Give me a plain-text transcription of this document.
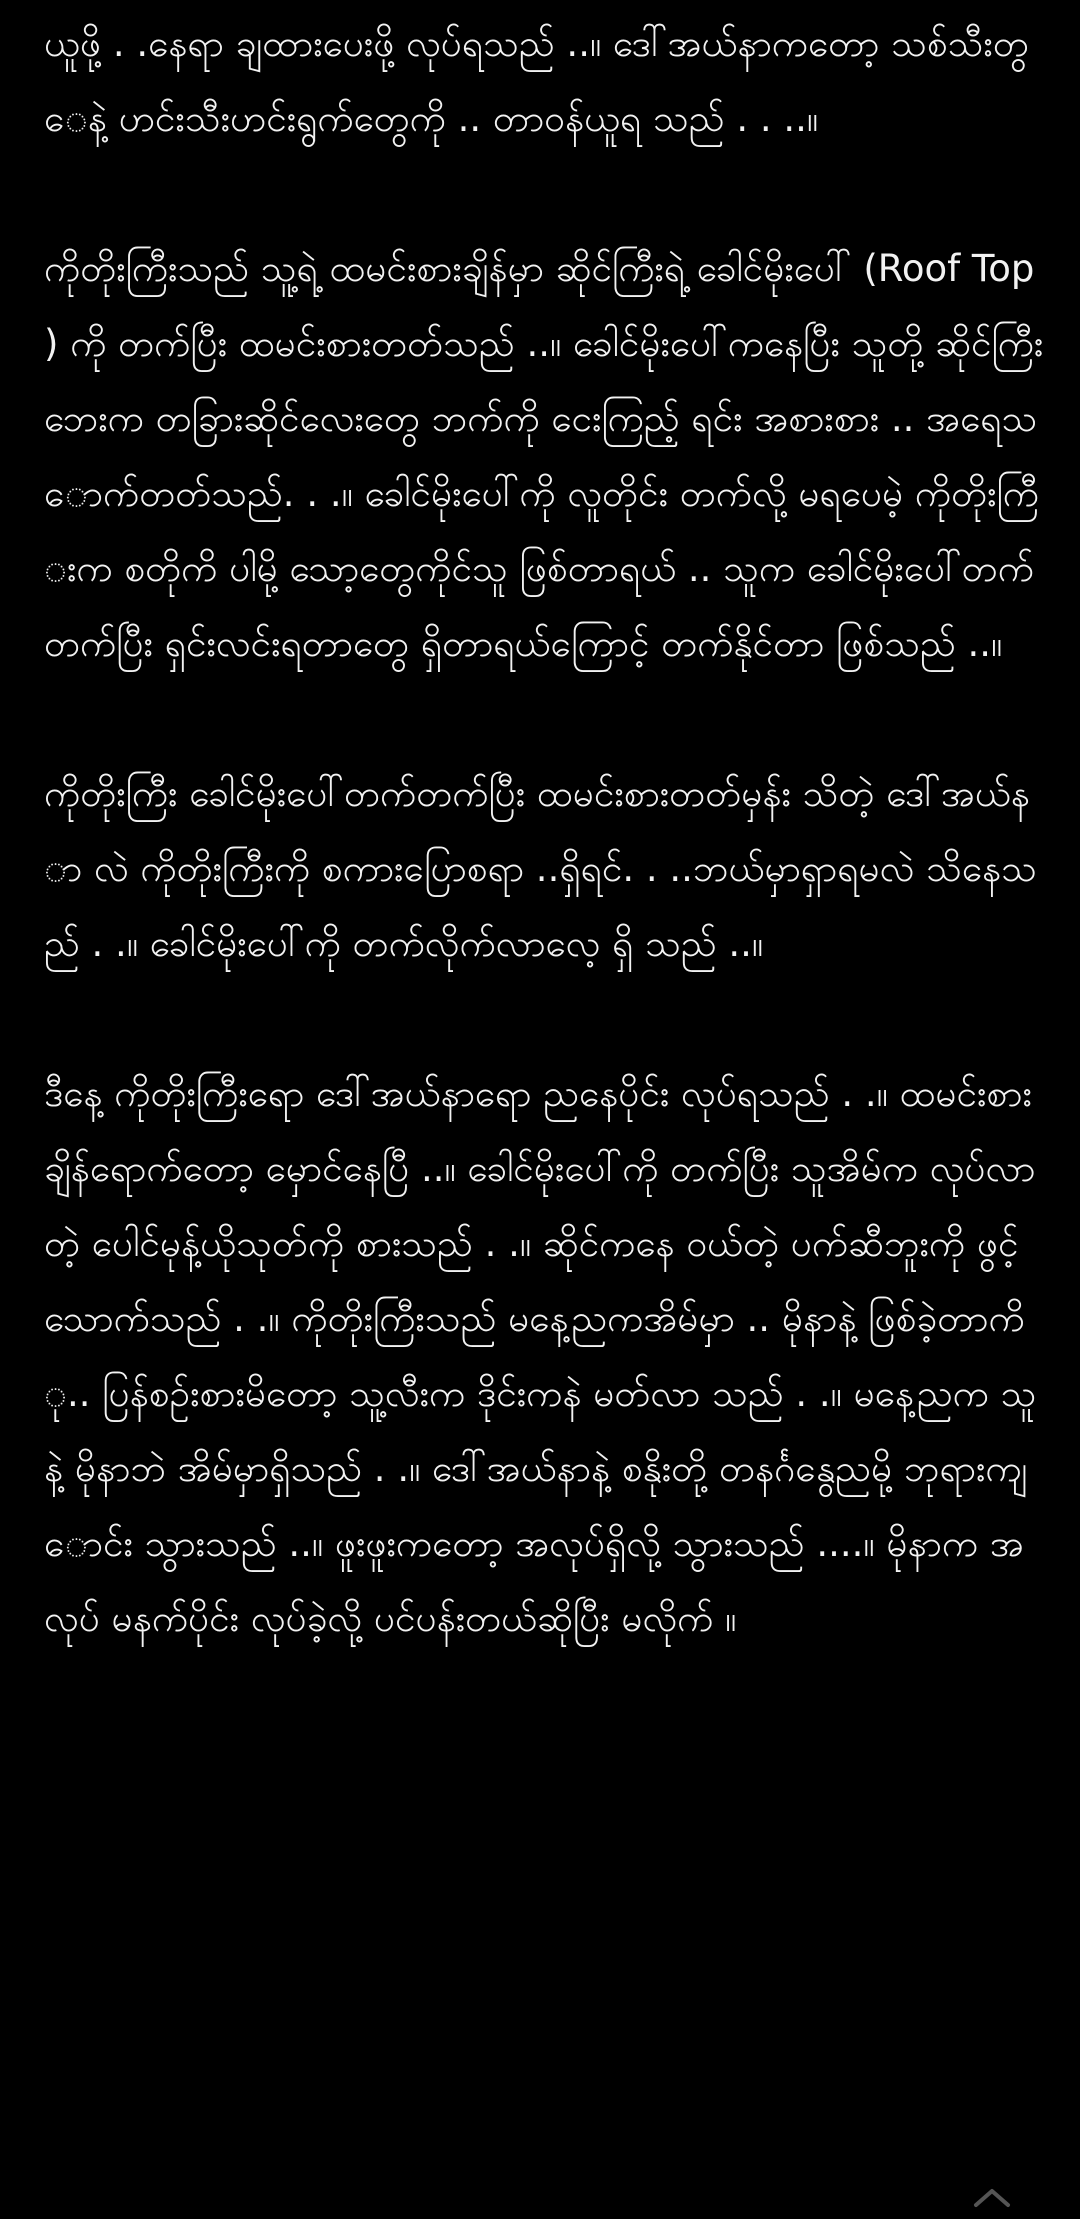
ယူဖို့ . .နေရာ ချထားပေးဖို့ လုပ်ရသည် ..။ ဒေါ်အယ်နာကတော့ သစ်သီးတွေနဲ့ ဟင်းသီးဟင်းရွက်တွေကို .. တာဝန်ယူရ သည် . . ..။

ကိုတိုးကြီးသည် သူ့ရဲ့ ထမင်းစားချိန်မှာ ဆိုင်ကြီးရဲ့ ခေါင်မိုးပေါ် (Roof Top ) ကို တက်ပြီး ထမင်းစားတတ်သည် ..။ ခေါင်မိုးပေါ်ကနေပြီး သူတို့ ဆိုင်ကြီး ဘေးက တခြားဆိုင်လေးတွေ ဘက်ကို ငေးကြည့် ရင်း အစားစား .. အရေသောက်တတ်သည်. . .။ ခေါင်မိုးပေါ်ကို လူတိုင်း တက်လို့ မရပေမဲ့ ကိုတိုးကြီးက စတိုကိ ပါမို့ သော့တွေကိုင်သူ ဖြစ်တာရယ် .. သူက ခေါင်မိုးပေါ်တက်တက်ပြီး ရှင်းလင်းရတာတွေ ရှိတာရယ်ကြောင့် တက်နိုင်တာ ဖြစ်သည် ..။

ကိုတိုးကြီး ခေါင်မိုးပေါ်တက်တက်ပြီး ထမင်းစားတတ်မှန်း သိတဲ့ ဒေါ်အယ်နာ လဲ ကိုတိုးကြီးကို စကားပြောစရာ ..ရှိရင်. . ..ဘယ်မှာရှာရမလဲ သိနေသည် . .။ ခေါင်မိုးပေါ်ကို တက်လိုက်လာလေ့ ရှိ သည် ..။

ဒီနေ့ ကိုတိုးကြီးရော ဒေါ်အယ်နာရော ညနေပိုင်း လုပ်ရသည် . .။ ထမင်းစားချိန်ရောက်တော့ မှောင်နေပြီ ..။ ခေါင်မိုးပေါ်ကို တက်ပြီး သူအိမ်က လုပ်လာတဲ့ ပေါင်မုန့်ယိုသုတ်ကို စားသည် . .။ ဆိုင်ကနေ ဝယ်တဲ့ ပက်ဆီဘူးကို ဖွင့်သောက်သည် . .။ ကိုတိုးကြီးသည် မနေ့ညကအိမ်မှာ .. မိုနာနဲ့ ဖြစ်ခဲ့တာကို.. ပြန်စဥ်းစားမိတော့ သူ့လီးက ဒိုင်းကနဲ မတ်လာ သည် . .။ မနေ့ညက သူနဲ့ မိုနာဘဲ အိမ်မှာရှိသည် . .။ ဒေါ်အယ်နာနဲ့ စနိုးတို့ တနင်္ဂနွေညမို့ ဘုရားကျောင်း သွားသည် ..။ ဖူးဖူးကတော့ အလုပ်ရှိလို့ သွားသည် ....။ မိုနာက အလုပ် မနက်ပိုင်း လုပ်ခဲ့လို့ ပင်ပန်းတယ်ဆိုပြီး မလိုက် ။
